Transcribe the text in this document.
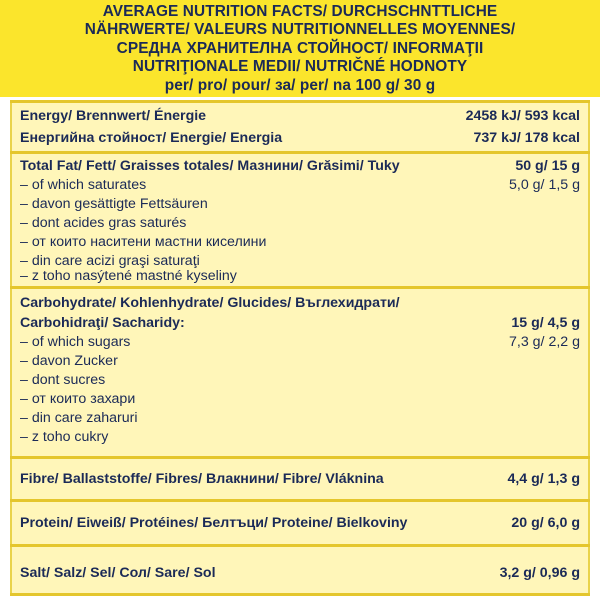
AVERAGE NUTRITION FACTS/ DURCHSCHNTTLICHE
NÄHRWERTE/ VALEURS NUTRITIONNELLES MOYENNES/
СРЕДНА ХРАНИТЕЛНА СТОЙНОСТ/ INFORMAŢII
NUTRIŢIONALE MEDII/ NUTRIČNÉ HODNOTY
per/ pro/ pour/ за/ per/ na 100 g/ 30 g
Energy/ Brennwert/ Énergie	2458 kJ/ 593 kcal
Енергийна стойност/ Energie/ Energia	737 kJ/ 178 kcal
Total Fat/ Fett/ Graisses totales/ Мазнини/ Grăsimi/ Tuky	50 g/ 15 g
– of which saturates	5,0 g/ 1,5 g
– davon gesättigte Fettsäuren
– dont acides gras saturés
– от които наситени мастни киселини
– din care acizi graşi saturaţi
– z toho nasýtené mastné kyseliny
Carbohydrate/ Kohlenhydrate/ Glucides/ Въглехидрати/
Carbohidraţi/ Sacharidy:	15 g/ 4,5 g
– of which sugars	7,3 g/ 2,2 g
– davon Zucker
– dont sucres
– от които захари
– din care zaharuri
– z toho cukry
Fibre/ Ballaststoffe/ Fibres/ Влакнини/ Fibre/ Vláknina	4,4 g/ 1,3 g
Protein/ Eiweiß/ Protéines/ Белтъци/ Proteine/ Bielkoviny	20 g/ 6,0 g
Salt/ Salz/ Sel/ Сол/ Sare/ Sol	3,2 g/ 0,96 g
